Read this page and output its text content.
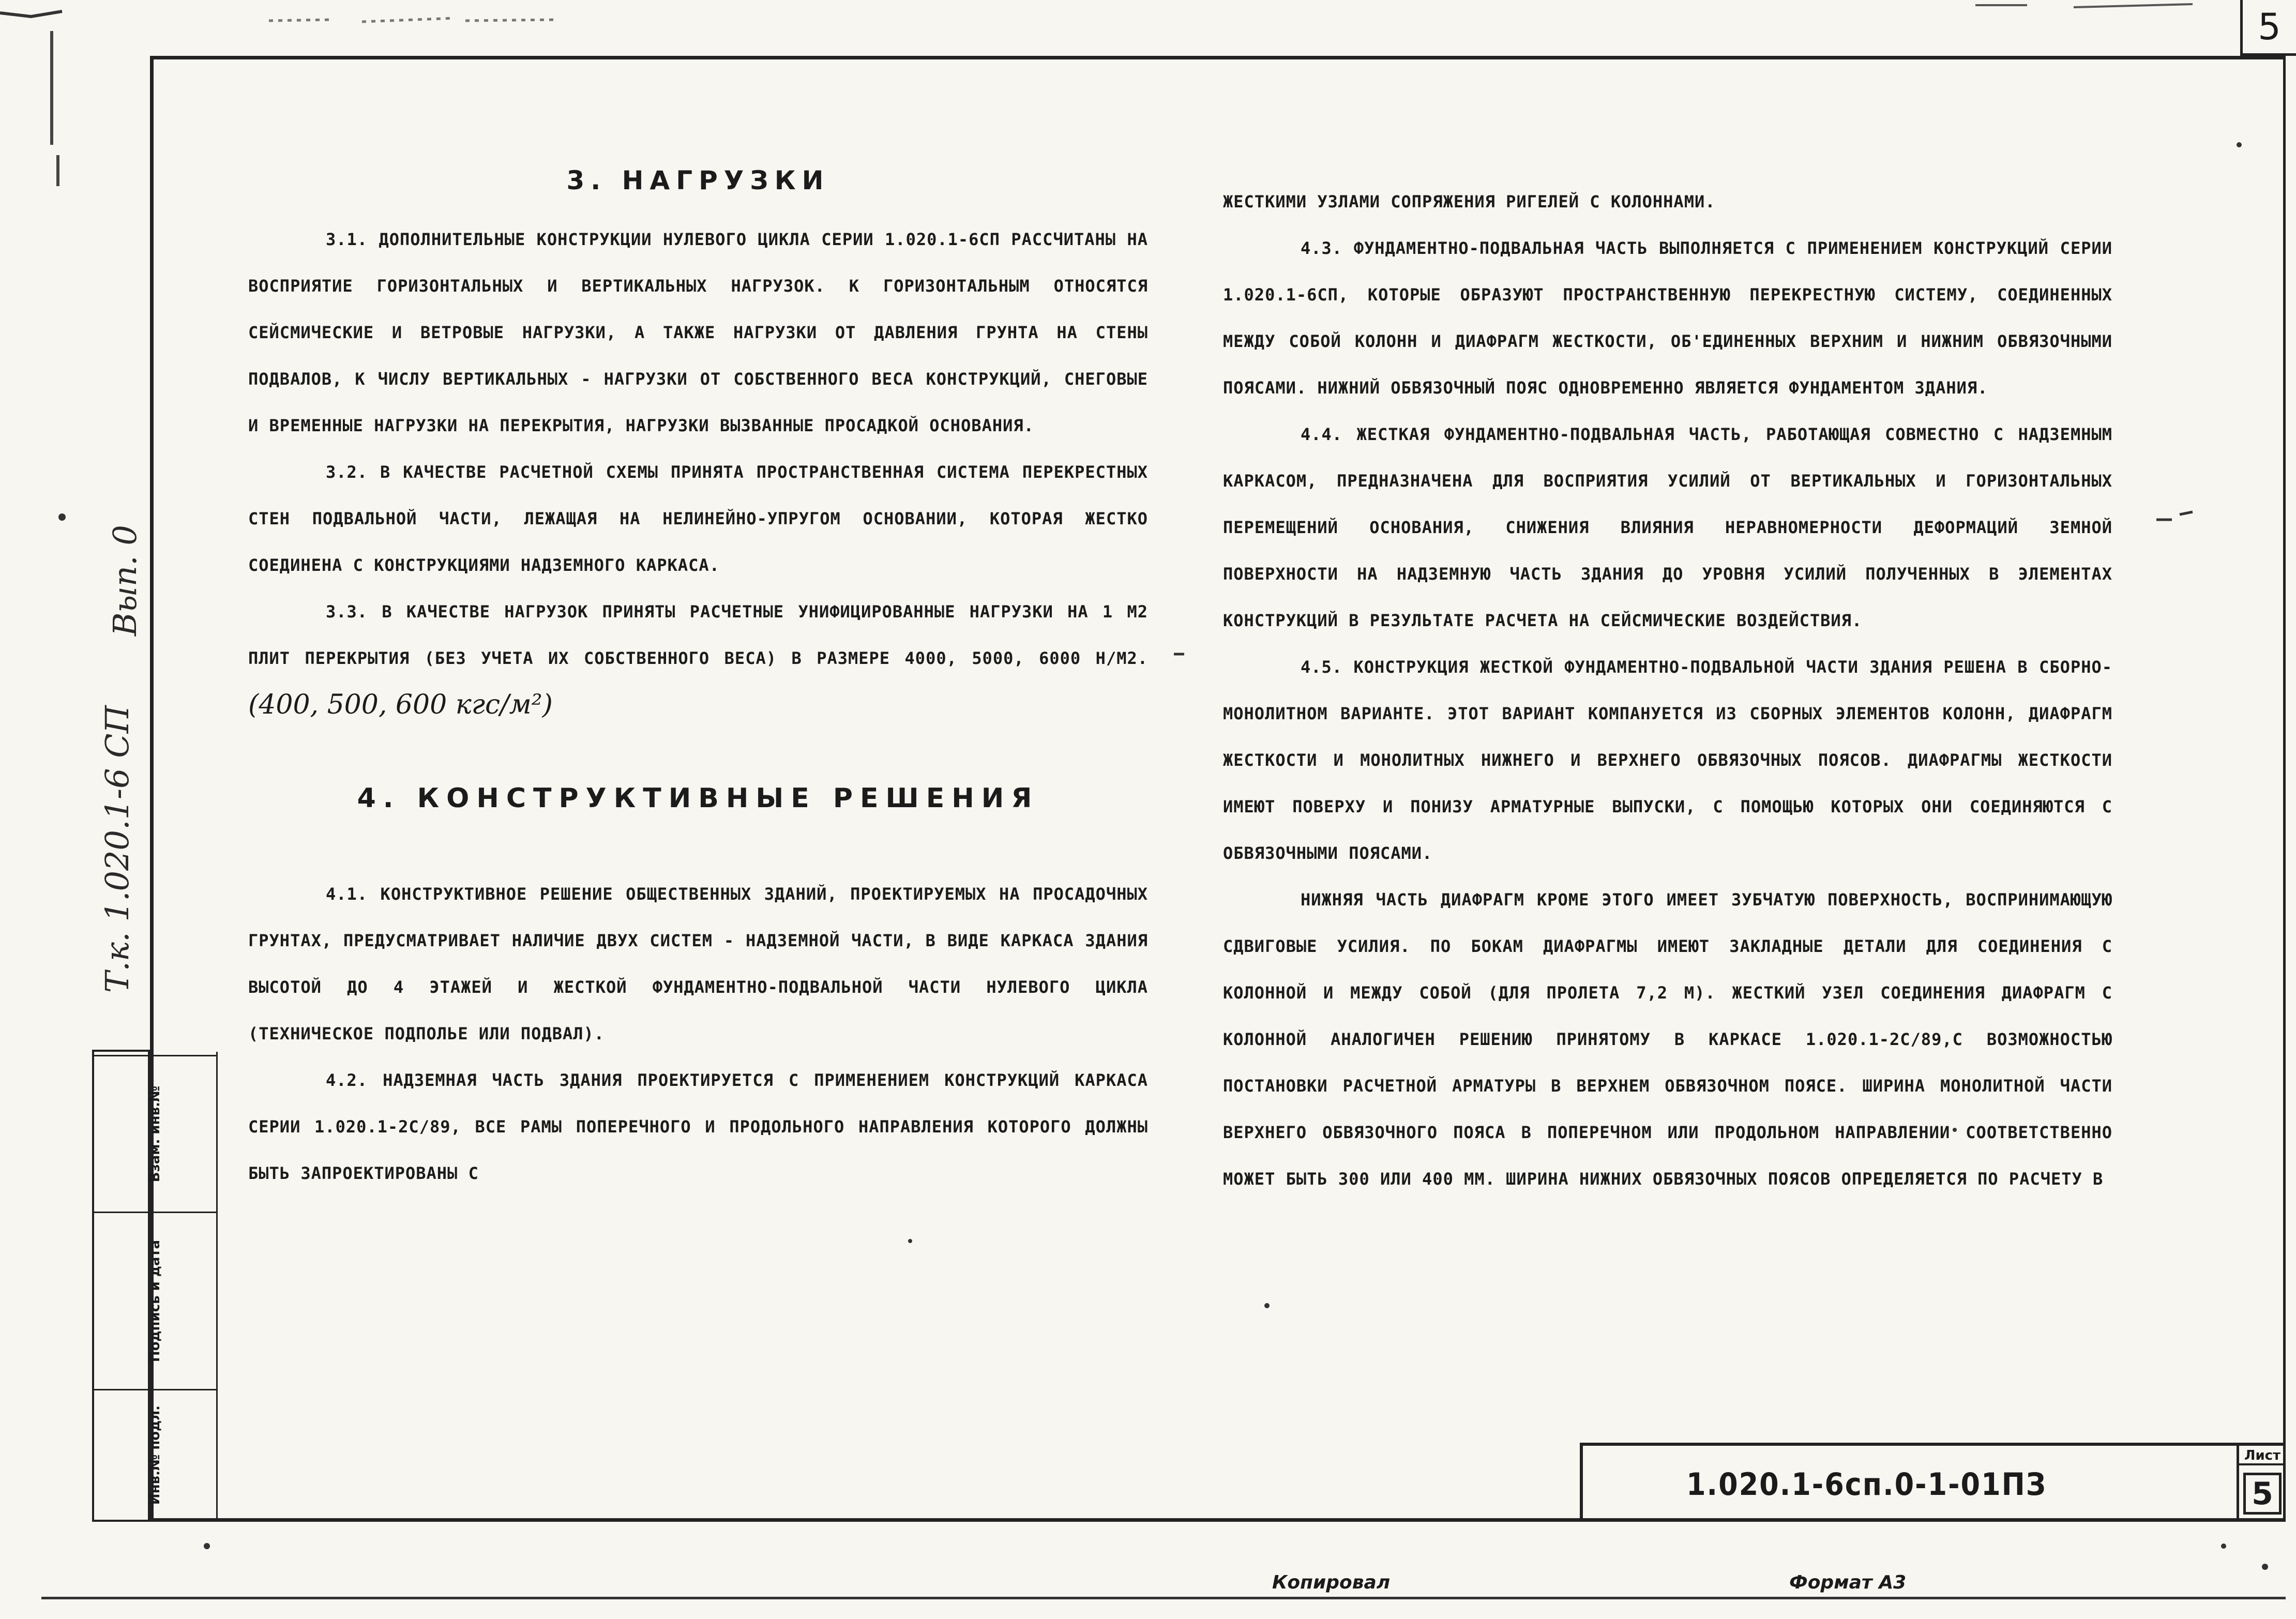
5
Т.к. 1.020.1-6 СП
Вып. 0
Инв.№ подл.
Подпись и дата
Взам. инв.№
3. НАГРУЗКИ

3.1. ДОПОЛНИТЕЛЬНЫЕ КОНСТРУКЦИИ НУЛЕВОГО ЦИКЛА СЕРИИ 1.020.1-6СП РАССЧИТАНЫ НА ВОСПРИЯТИЕ ГОРИЗОНТАЛЬНЫХ И ВЕРТИКАЛЬНЫХ НАГРУЗОК. К ГОРИЗОНТАЛЬНЫМ ОТНОСЯТСЯ СЕЙСМИЧЕСКИЕ И ВЕТРОВЫЕ НАГРУЗКИ, А ТАКЖЕ НАГРУЗКИ ОТ ДАВЛЕНИЯ ГРУНТА НА СТЕНЫ ПОДВАЛОВ, К ЧИСЛУ ВЕРТИКАЛЬНЫХ - НАГРУЗКИ ОТ СОБСТВЕННОГО ВЕСА КОНСТРУКЦИЙ, СНЕГОВЫЕ И ВРЕМЕННЫЕ НАГРУЗКИ НА ПЕРЕКРЫТИЯ, НАГРУЗКИ ВЫЗВАННЫЕ ПРОСАДКОЙ ОСНОВАНИЯ.

3.2. В КАЧЕСТВЕ РАСЧЕТНОЙ СХЕМЫ ПРИНЯТА ПРОСТРАНСТВЕННАЯ СИСТЕМА ПЕРЕКРЕСТНЫХ СТЕН ПОДВАЛЬНОЙ ЧАСТИ, ЛЕЖАЩАЯ НА НЕЛИНЕЙНО-УПРУГОМ ОСНОВАНИИ, КОТОРАЯ ЖЕСТКО СОЕДИНЕНА С КОНСТРУКЦИЯМИ НАДЗЕМНОГО КАРКАСА.

3.3. В КАЧЕСТВЕ НАГРУЗОК ПРИНЯТЫ РАСЧЕТНЫЕ УНИФИЦИРОВАННЫЕ НАГРУЗКИ НА 1 М2 ПЛИТ ПЕРЕКРЫТИЯ (БЕЗ УЧЕТА ИХ СОБСТВЕННОГО ВЕСА) В РАЗМЕРЕ 4000, 5000, 6000 Н/М2. (400, 500, 600 кгс/м²)

4. КОНСТРУКТИВНЫЕ РЕШЕНИЯ

4.1. КОНСТРУКТИВНОЕ РЕШЕНИЕ ОБЩЕСТВЕННЫХ ЗДАНИЙ, ПРОЕКТИРУЕМЫХ НА ПРОСАДОЧНЫХ ГРУНТАХ, ПРЕДУСМАТРИВАЕТ НАЛИЧИЕ ДВУХ СИСТЕМ - НАДЗЕМНОЙ ЧАСТИ, В ВИДЕ КАРКАСА ЗДАНИЯ ВЫСОТОЙ ДО 4 ЭТАЖЕЙ И ЖЕСТКОЙ ФУНДАМЕНТНО-ПОДВАЛЬНОЙ ЧАСТИ НУЛЕВОГО ЦИКЛА (ТЕХНИЧЕСКОЕ ПОДПОЛЬЕ ИЛИ ПОДВАЛ).

4.2. НАДЗЕМНАЯ ЧАСТЬ ЗДАНИЯ ПРОЕКТИРУЕТСЯ С ПРИМЕНЕНИЕМ КОНСТРУКЦИЙ КАРКАСА СЕРИИ 1.020.1-2С/89, ВСЕ РАМЫ ПОПЕРЕЧНОГО И ПРОДОЛЬНОГО НАПРАВЛЕНИЯ КОТОРОГО ДОЛЖНЫ БЫТЬ ЗАПРОЕКТИРОВАНЫ С

ЖЕСТКИМИ УЗЛАМИ СОПРЯЖЕНИЯ РИГЕЛЕЙ С КОЛОННАМИ.

4.3. ФУНДАМЕНТНО-ПОДВАЛЬНАЯ ЧАСТЬ ВЫПОЛНЯЕТСЯ С ПРИМЕНЕНИЕМ КОНСТРУКЦИЙ СЕРИИ 1.020.1-6СП, КОТОРЫЕ ОБРАЗУЮТ ПРОСТРАНСТВЕННУЮ ПЕРЕКРЕСТНУЮ СИСТЕМУ, СОЕДИНЕННЫХ МЕЖДУ СОБОЙ КОЛОНН И ДИАФРАГМ ЖЕСТКОСТИ, ОБ'ЕДИНЕННЫХ ВЕРХНИМ И НИЖНИМ ОБВЯЗОЧНЫМИ ПОЯСАМИ. НИЖНИЙ ОБВЯЗОЧНЫЙ ПОЯС ОДНОВРЕМЕННО ЯВЛЯЕТСЯ ФУНДАМЕНТОМ ЗДАНИЯ.

4.4. ЖЕСТКАЯ ФУНДАМЕНТНО-ПОДВАЛЬНАЯ ЧАСТЬ, РАБОТАЮЩАЯ СОВМЕСТНО С НАДЗЕМНЫМ КАРКАСОМ, ПРЕДНАЗНАЧЕНА ДЛЯ ВОСПРИЯТИЯ УСИЛИЙ ОТ ВЕРТИКАЛЬНЫХ И ГОРИЗОНТАЛЬНЫХ ПЕРЕМЕЩЕНИЙ ОСНОВАНИЯ, СНИЖЕНИЯ ВЛИЯНИЯ НЕРАВНОМЕРНОСТИ ДЕФОРМАЦИЙ ЗЕМНОЙ ПОВЕРХНОСТИ НА НАДЗЕМНУЮ ЧАСТЬ ЗДАНИЯ ДО УРОВНЯ УСИЛИЙ ПОЛУЧЕННЫХ В ЭЛЕМЕНТАХ КОНСТРУКЦИЙ В РЕЗУЛЬТАТЕ РАСЧЕТА НА СЕЙСМИЧЕСКИЕ ВОЗДЕЙСТВИЯ.

4.5. КОНСТРУКЦИЯ ЖЕСТКОЙ ФУНДАМЕНТНО-ПОДВАЛЬНОЙ ЧАСТИ ЗДАНИЯ РЕШЕНА В СБОРНО-МОНОЛИТНОМ ВАРИАНТЕ. ЭТОТ ВАРИАНТ КОМПАНУЕТСЯ ИЗ СБОРНЫХ ЭЛЕМЕНТОВ КОЛОНН, ДИАФРАГМ ЖЕСТКОСТИ И МОНОЛИТНЫХ НИЖНЕГО И ВЕРХНЕГО ОБВЯЗОЧНЫХ ПОЯСОВ. ДИАФРАГМЫ ЖЕСТКОСТИ ИМЕЮТ ПОВЕРХУ И ПОНИЗУ АРМАТУРНЫЕ ВЫПУСКИ, С ПОМОЩЬЮ КОТОРЫХ ОНИ СОЕДИНЯЮТСЯ С ОБВЯЗОЧНЫМИ ПОЯСАМИ.

НИЖНЯЯ ЧАСТЬ ДИАФРАГМ КРОМЕ ЭТОГО ИМЕЕТ ЗУБЧАТУЮ ПОВЕРХНОСТЬ, ВОСПРИНИМАЮЩУЮ СДВИГОВЫЕ УСИЛИЯ. ПО БОКАМ ДИАФРАГМЫ ИМЕЮТ ЗАКЛАДНЫЕ ДЕТАЛИ ДЛЯ СОЕДИНЕНИЯ С КОЛОННОЙ И МЕЖДУ СОБОЙ (ДЛЯ ПРОЛЕТА 7,2 М). ЖЕСТКИЙ УЗЕЛ СОЕДИНЕНИЯ ДИАФРАГМ С КОЛОННОЙ АНАЛОГИЧЕН РЕШЕНИЮ ПРИНЯТОМУ В КАРКАСЕ 1.020.1-2С/89,С ВОЗМОЖНОСТЬЮ ПОСТАНОВКИ РАСЧЕТНОЙ АРМАТУРЫ В ВЕРХНЕМ ОБВЯЗОЧНОМ ПОЯСЕ. ШИРИНА МОНОЛИТНОЙ ЧАСТИ ВЕРХНЕГО ОБВЯЗОЧНОГО ПОЯСА В ПОПЕРЕЧНОМ ИЛИ ПРОДОЛЬНОМ НАПРАВЛЕНИИ СООТВЕТСТВЕННО МОЖЕТ БЫТЬ 300 ИЛИ 400 ММ. ШИРИНА НИЖНИХ ОБВЯЗОЧНЫХ ПОЯСОВ ОПРЕДЕЛЯЕТСЯ ПО РАСЧЕТУ В

1.020.1-6сп.0-1-01ПЗ
Лист
5
Копировал	Формат А3
